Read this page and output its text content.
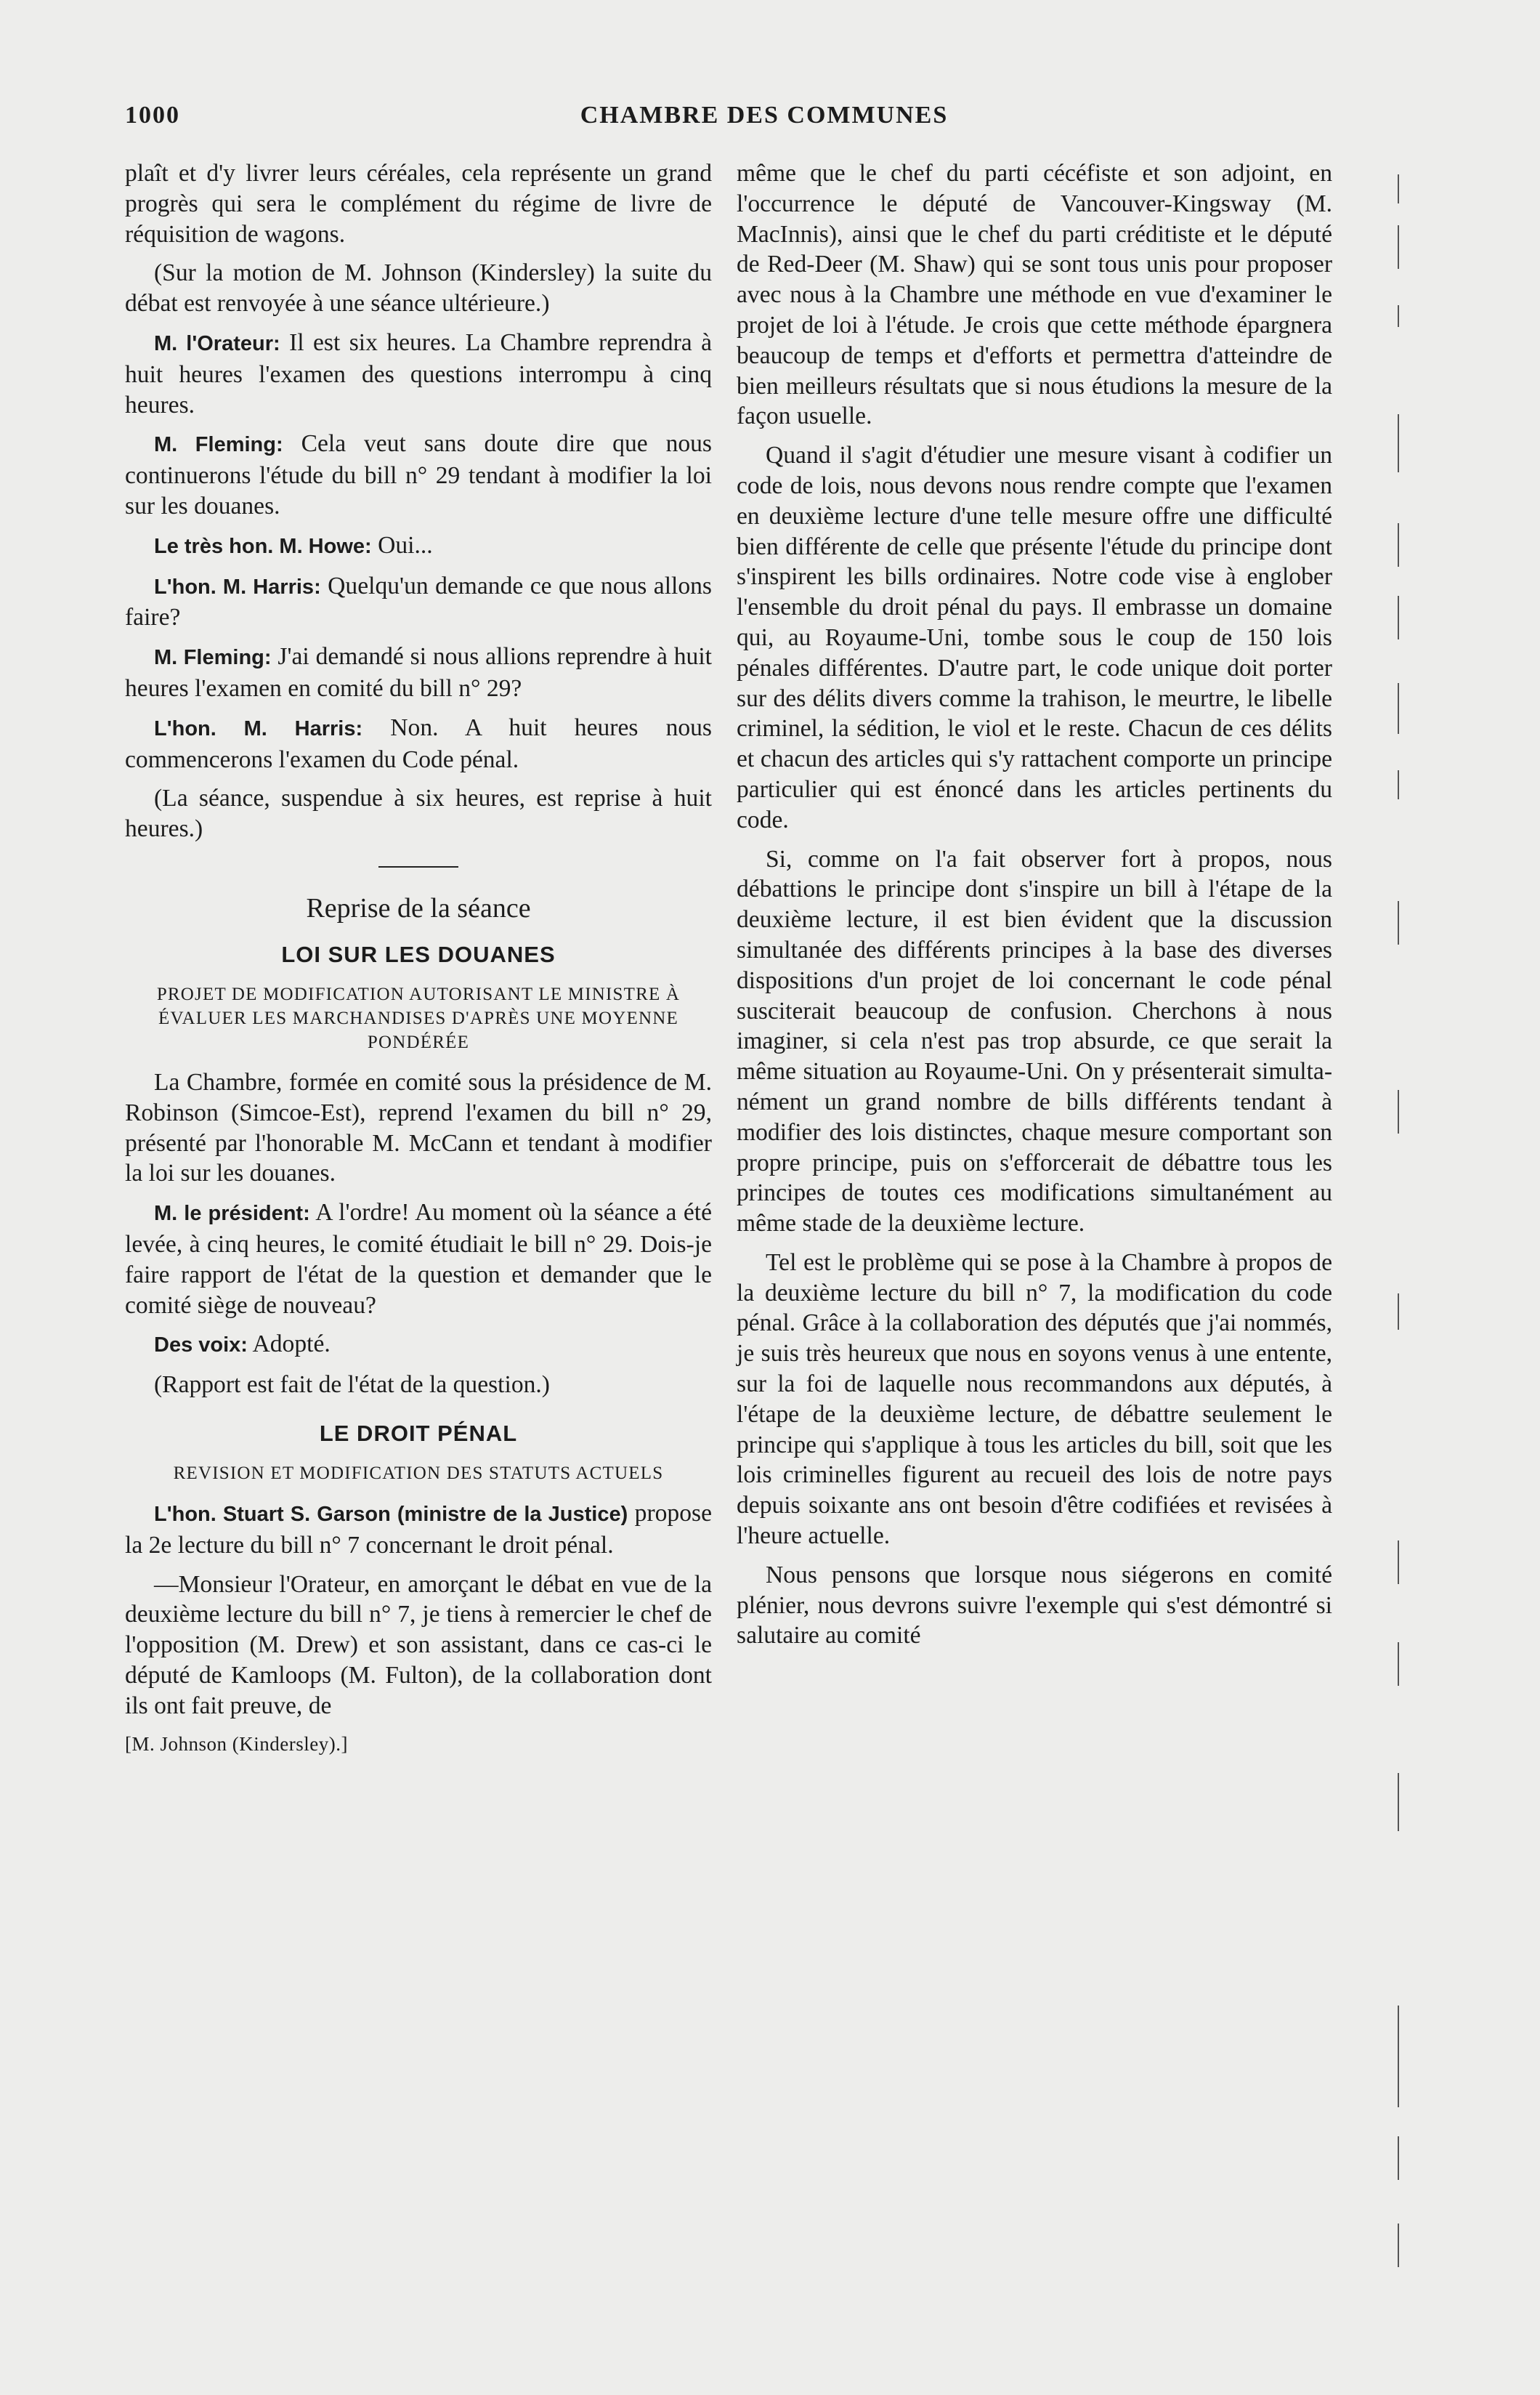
1000	CHAMBRE DES COMMUNES

plaît et d'y livrer leurs céréales, cela représente un grand progrès qui sera le complément du régime de livre de réquisition de wagons.

(Sur la motion de M. Johnson (Kindersley) la suite du débat est renvoyée à une séance ultérieure.)

M. l'Orateur: Il est six heures. La Chambre reprendra à huit heures l'examen des questions interrompu à cinq heures.

M. Fleming: Cela veut sans doute dire que nous continuerons l'étude du bill n° 29 tendant à modifier la loi sur les douanes.

Le très hon. M. Howe: Oui...

L'hon. M. Harris: Quelqu'un demande ce que nous allons faire?

M. Fleming: J'ai demandé si nous allions reprendre à huit heures l'examen en comité du bill n° 29?

L'hon. M. Harris: Non. A huit heures nous commencerons l'examen du Code pénal.

(La séance, suspendue à six heures, est reprise à huit heures.)

Reprise de la séance
LOI SUR LES DOUANES
PROJET DE MODIFICATION AUTORISANT LE MINISTRE À ÉVALUER LES MARCHANDISES D'APRÈS UNE MOYENNE PONDÉRÉE

La Chambre, formée en comité sous la présidence de M. Robinson (Simcoe-Est), reprend l'examen du bill n° 29, présenté par l'honorable M. McCann et tendant à modifier la loi sur les douanes.

M. le président: A l'ordre! Au moment où la séance a été levée, à cinq heures, le comité étudiait le bill n° 29. Dois-je faire rapport de l'état de la question et demander que le comité siège de nouveau?

Des voix: Adopté.

(Rapport est fait de l'état de la question.)

LE DROIT PÉNAL
REVISION ET MODIFICATION DES STATUTS ACTUELS

L'hon. Stuart S. Garson (ministre de la Justice) propose la 2e lecture du bill n° 7 concernant le droit pénal.

—Monsieur l'Orateur, en amorçant le débat en vue de la deuxième lecture du bill n° 7, je tiens à remercier le chef de l'opposition (M. Drew) et son assistant, dans ce cas-ci le député de Kamloops (M. Fulton), de la collaboration dont ils ont fait preuve, de

[M. Johnson (Kindersley).]

même que le chef du parti cécéfiste et son adjoint, en l'occurrence le député de Vancouver-Kingsway (M. MacInnis), ainsi que le chef du parti créditiste et le député de Red-Deer (M. Shaw) qui se sont tous unis pour proposer avec nous à la Chambre une méthode en vue d'examiner le projet de loi à l'étude. Je crois que cette méthode épargnera beaucoup de temps et d'efforts et permettra d'atteindre de bien meilleurs résultats que si nous étudions la mesure de la façon usuelle.

Quand il s'agit d'étudier une mesure visant à codifier un code de lois, nous devons nous rendre compte que l'examen en deuxième lecture d'une telle mesure offre une difficulté bien différente de celle que présente l'étude du principe dont s'inspirent les bills ordinaires. Notre code vise à englober l'ensemble du droit pénal du pays. Il embrasse un domaine qui, au Royaume-Uni, tombe sous le coup de 150 lois pénales différentes. D'autre part, le code unique doit porter sur des délits divers comme la trahison, le meurtre, le libelle criminel, la sédition, le viol et le reste. Chacun de ces délits et chacun des articles qui s'y rattachent comporte un principe particulier qui est énoncé dans les articles pertinents du code.

Si, comme on l'a fait observer fort à propos, nous débattions le principe dont s'inspire un bill à l'étape de la deuxième lecture, il est bien évident que la discussion simultanée des différents principes à la base des diverses dispositions d'un projet de loi concernant le code pénal susciterait beaucoup de confusion. Cherchons à nous imaginer, si cela n'est pas trop absurde, ce que serait la même situation au Royaume-Uni. On y présenterait simultanément un grand nombre de bills différents tendant à modifier des lois distinctes, chaque mesure comportant son propre principe, puis on s'efforcerait de débattre tous les principes de toutes ces modifications simultanément au même stade de la deuxième lecture.

Tel est le problème qui se pose à la Chambre à propos de la deuxième lecture du bill n° 7, la modification du code pénal. Grâce à la collaboration des députés que j'ai nommés, je suis très heureux que nous en soyons venus à une entente, sur la foi de laquelle nous recommandons aux députés, à l'étape de la deuxième lecture, de débattre seulement le principe qui s'applique à tous les articles du bill, soit que les lois criminelles figurent au recueil des lois de notre pays depuis soixante ans ont besoin d'être codifiées et revisées à l'heure actuelle.

Nous pensons que lorsque nous siégerons en comité plénier, nous devrons suivre l'exemple qui s'est démontré si salutaire au comité
